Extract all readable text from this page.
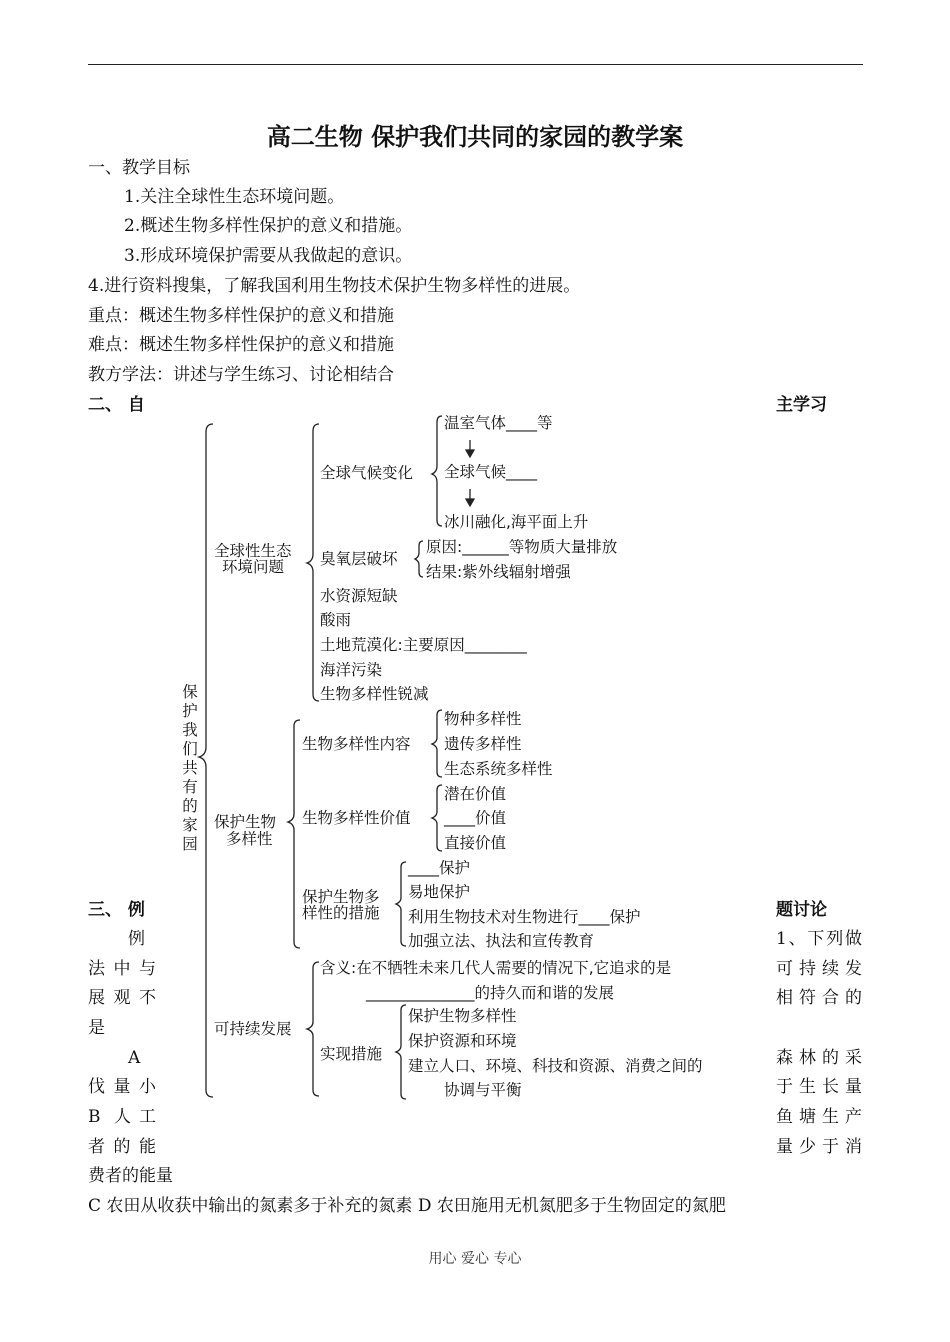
高二生物 保护我们共同的家园的教学案
一、教学目标
1.关注全球性生态环境问题。
2.概述生物多样性保护的意义和措施。
3.形成环境保护需要从我做起的意识。
4.进行资料搜集，了解我国利用生物技术保护生物多样性的进展。
重点：概述生物多样性保护的意义和措施
难点：概述生物多样性保护的意义和措施
教方学法：讲述与学生练习、讨论相结合
二、 自	主学习
保护我们共有的家园
全球性生态
环境问题
全球气候变化
温室气体____等
全球气候____
冰川融化,海平面上升
臭氧层破坏
原因:______等物质大量排放
结果:紫外线辐射增强
水资源短缺
酸雨
土地荒漠化:主要原因________
海洋污染
生物多样性锐减
保护生物
多样性
生物多样性内容
物种多样性
遗传多样性
生态系统多样性
生物多样性价值
潜在价值
____价值
直接价值
保护生物多
样性的措施
____保护
易地保护
利用生物技术对生物进行____保护
加强立法、执法和宣传教育
可持续发展
含义:在不牺牲未来几代人需要的情况下,它追求的是
______________的持久而和谐的发展
实现措施
保护生物多样性
保护资源和环境
建立人口、环境、科技和资源、消费之间的
协调与平衡
三、 例	题讨论
例
法中与
展观不
是
A
伐量小
B 人工
者的能
费者的能量
1、下列做
可持续发
相符合的
森林的采
于生长量
鱼塘生产
量少于消
C 农田从收获中输出的氮素多于补充的氮素 D 农田施用无机氮肥多于生物固定的氮肥
用心 爱心 专心
